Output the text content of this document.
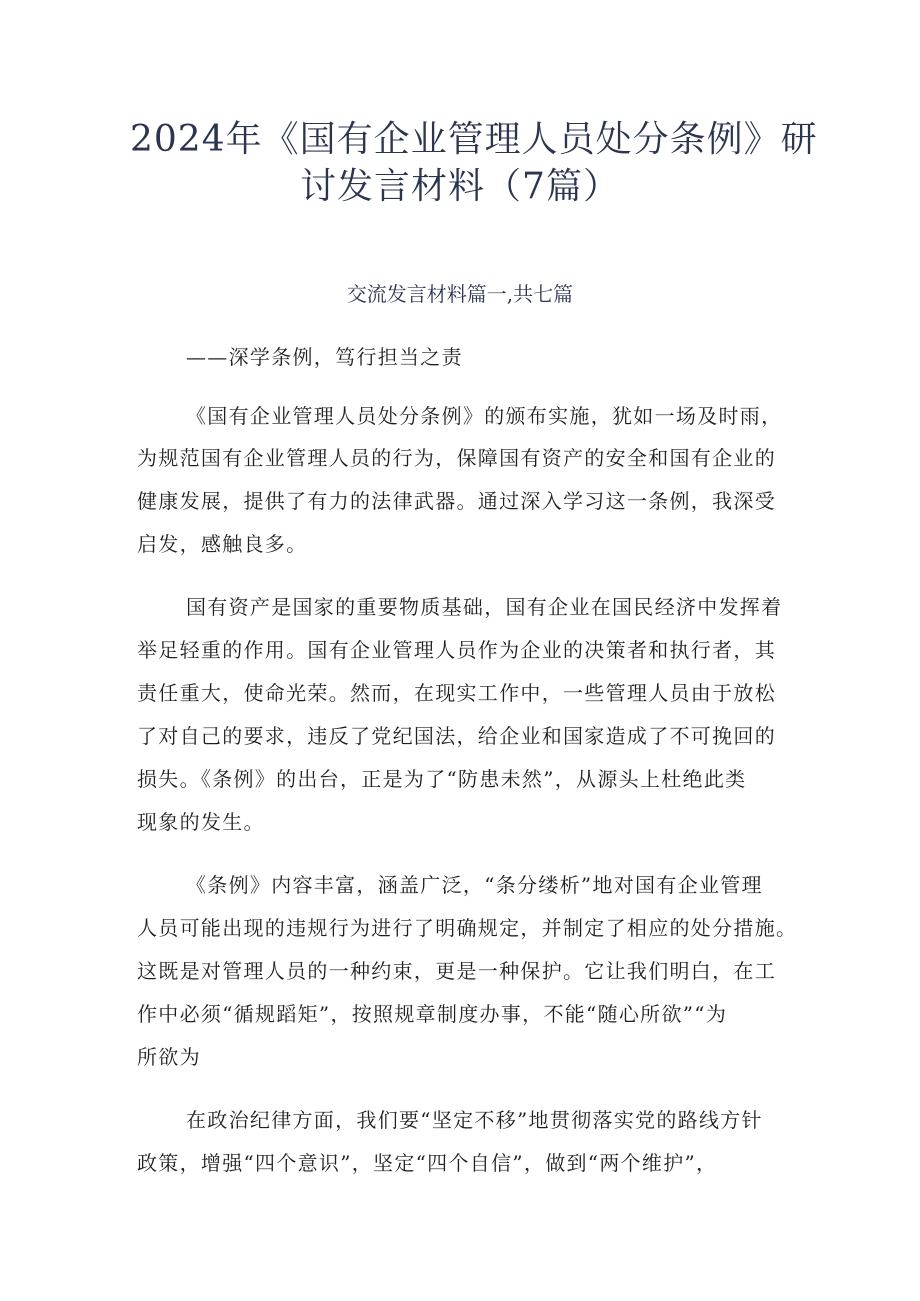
2024年《国有企业管理人员处分条例》研
讨发言材料（7篇）
交流发言材料篇一,共七篇
——深学条例，笃行担当之责
《国有企业管理人员处分条例》的颁布实施，犹如一场及时雨，
为规范国有企业管理人员的行为，保障国有资产的安全和国有企业的
健康发展，提供了有力的法律武器。通过深入学习这一条例，我深受
启发，感触良多。
国有资产是国家的重要物质基础，国有企业在国民经济中发挥着
举足轻重的作用。国有企业管理人员作为企业的决策者和执行者，其
责任重大，使命光荣。然而，在现实工作中，一些管理人员由于放松
了对自己的要求，违反了党纪国法，给企业和国家造成了不可挽回的
损失。《条例》的出台，正是为了“防患未然”，从源头上杜绝此类
现象的发生。
《条例》内容丰富，涵盖广泛，“条分缕析”地对国有企业管理
人员可能出现的违规行为进行了明确规定，并制定了相应的处分措施。
这既是对管理人员的一种约束，更是一种保护。它让我们明白，在工
作中必须“循规蹈矩”，按照规章制度办事，不能“随心所欲”“为
所欲为
在政治纪律方面，我们要“坚定不移”地贯彻落实党的路线方针
政策，增强“四个意识”，坚定“四个自信”，做到“两个维护”，
